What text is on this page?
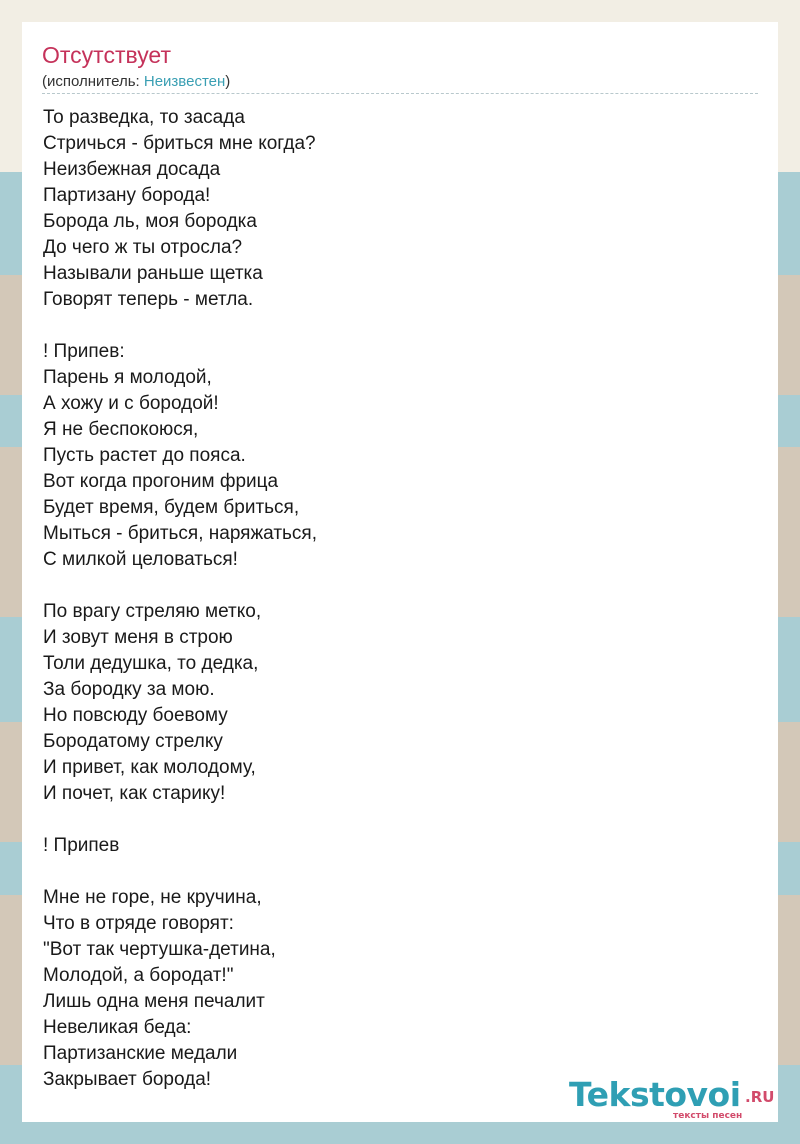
Отсутствует
(исполнитель: Неизвестен)
То разведка, то засада
Стричься - бриться мне когда?
Неизбежная досада
Партизану борода!
Борода ль, моя бородка
До чего ж ты отросла?
Называли раньше щетка
Говорят теперь - метла.
! Припев:
Парень я молодой,
А хожу и с бородой!
Я не беспокоюся,
Пусть растет до пояса.
Вот когда прогоним фрица
Будет время, будем бриться,
Мыться - бриться, наряжаться,
С милкой целоваться!
По врагу стреляю метко,
И зовут меня в строю
Толи дедушка, то дедка,
За бородку за мою.
Но повсюду боевому
Бородатому стрелку
И привет, как молодому,
И почет, как старику!
! Припев
Мне не горе, не кручина,
Что в отряде говорят:
"Вот так чертушка-детина,
Молодой, а бородат!"
Лишь одна меня печалит
Невеликая беда:
Партизанские медали
Закрывает борода!	Tekstovoi .RU
тексты песен
